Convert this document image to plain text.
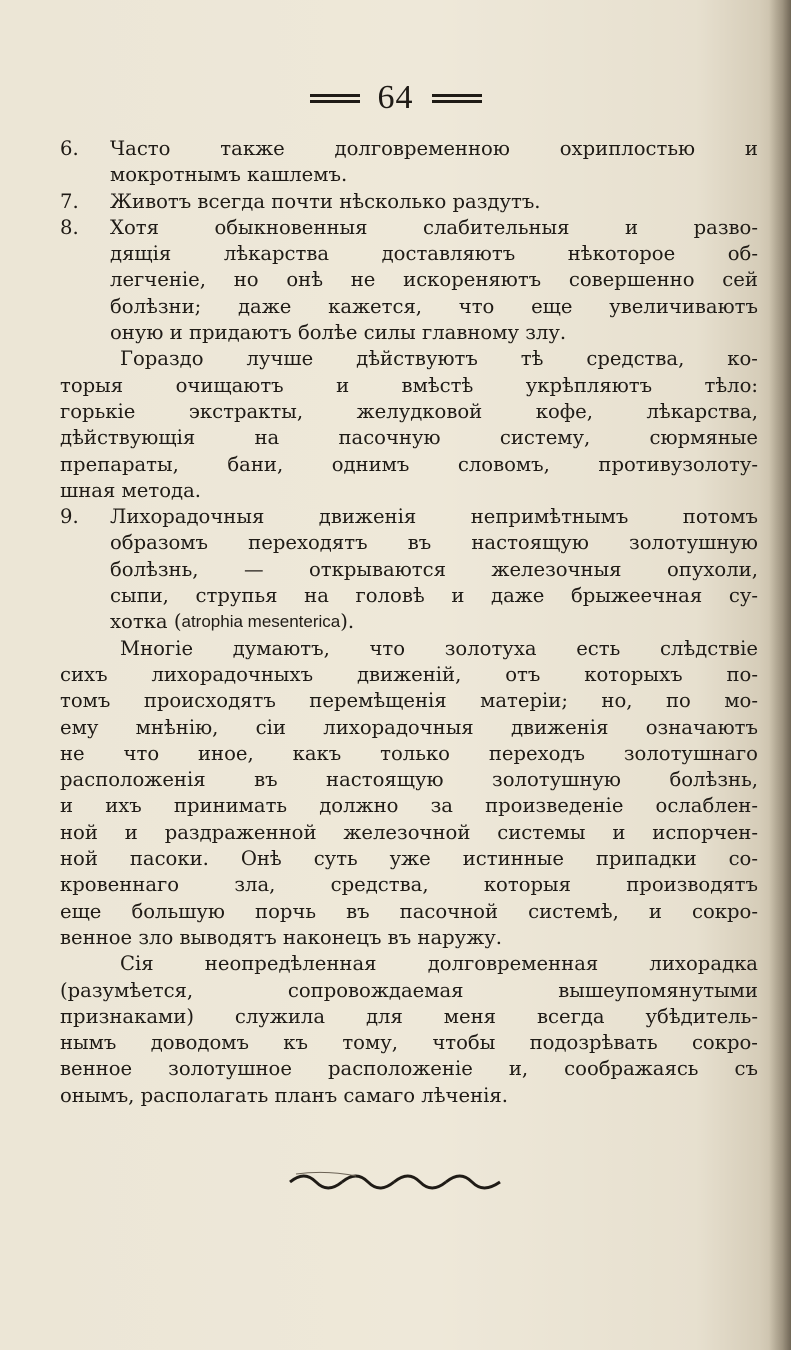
64
6.	Часто	также	долговременною	охриплостью	и
мокротнымъ кашлемъ.
7.	Животъ всегда почти нѣсколько раздутъ.
8.	Хотя	обыкновенныя	слабительныя	и	разво-
дящія	лѣкарства	доставляютъ	нѣкоторое	об-
легченіе, но онѣ не искореняютъ совершенно сей
болѣзни; даже кажется, что еще увеличиваютъ
оную и придаютъ болѣе силы главному злу.
Гораздо лучше дѣйствуютъ тѣ средства, ко-
торыя	очищаютъ	и	вмѣстѣ	укрѣпляютъ	тѣло:
горькіе	экстракты,	желудковой	кофе,	лѣкарства,
дѣйствующія	на	пасочную	систему,	сюрмяные
препараты, бани, однимъ словомъ, противузолоту-
шная метода.
9.	Лихорадочныя	движенія	непримѣтнымъ	потомъ
образомъ переходятъ въ настоящую золотушную
болѣзнь, — открываются железочныя опухоли,
сыпи, струпья на головѣ и даже брыжеечная су-
хотка ( atrophia mesenterica ).
Многіе думаютъ, что золотуха есть слѣдствіе
сихъ лихорадочныхъ движеній, отъ которыхъ по-
томъ происходятъ перемѣщенія матеріи; но, по мо-
ему мнѣнію, сіи лихорадочныя движенія означаютъ
не что иное, какъ только переходъ золотушнаго
расположенія въ настоящую золотушную болѣзнь,
и ихъ принимать должно за произведеніе ослаблен-
ной и раздраженной железочной системы и испорчен-
ной пасоки. Онѣ суть уже истинные припадки со-
кровеннаго	зла,	средства,	которыя	производятъ
еще большую порчь въ пасочной системѣ, и сокро-
венное зло выводятъ наконецъ въ наружу.
Сія	неопредѣленная	долговременная	лихорадка
(разумѣется,	сопровождаемая	вышеупомянутыми
признаками) служила для меня всегда убѣдитель-
нымъ доводомъ къ тому, чтобы подозрѣвать сокро-
венное золотушное расположеніе и, соображаясь съ
онымъ, располагать планъ самаго лѣченія.
